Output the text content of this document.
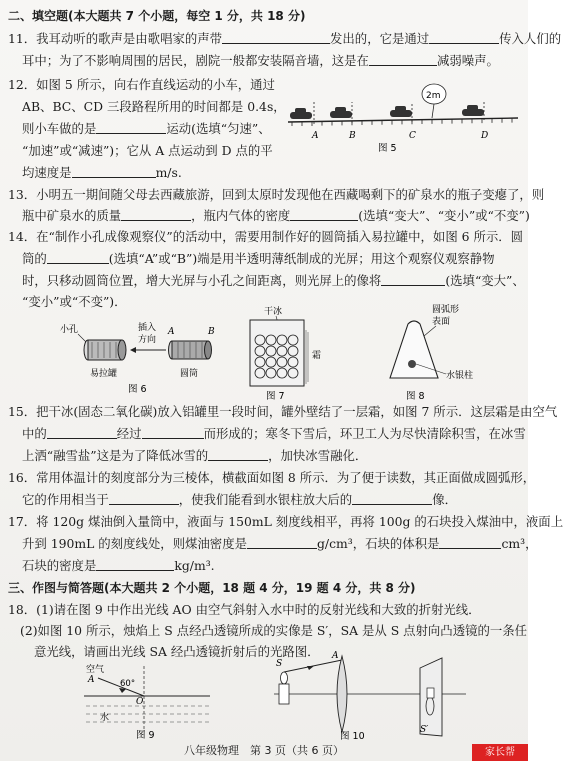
二、填空题(本大题共 7 个小题，每空 1 分，共 18 分)
11．我耳动听的歌声是由歌唱家的声带	发出的，它是通过	传入人们的
耳中；为了不影响周围的居民，剧院一般都安装隔音墙，这是在	减弱噪声。
12．如图 5 所示，向右作直线运动的小车，通过
AB、BC、CD 三段路程所用的时间都是 0.4s，
则小车做的是	运动(选填“匀速”、
“加速”或“减速”)；它从 A 点运动到 D 点的平
均速度是	m/s.
2m
A	B	C	D
图 5
13．小明五一期间随父母去西藏旅游，回到太原时发现他在西藏喝剩下的矿泉水的瓶子变瘪了，则
瓶中矿泉水的质量	，瓶内气体的密度	(选填“变大”、“变小”或“不变”)
14．在“制作小孔成像观察仪”的活动中，需要用制作好的圆筒插入易拉罐中，如图 6 所示．圆
筒的	(选填“A”或“B”)端是用半透明薄纸制成的光屏；用这个观察仪观察静物
时，只移动圆筒位置，增大光屏与小孔之间距离，则光屏上的像将	(选填“变大”、
“变小”或“不变”)．
小孔
易拉罐
插入
方向
A	B
圆筒
图 6
干冰
霜
图 7
圆弧形
表面
水银柱
图 8
15．把干冰(固态二氧化碳)放入铝罐里一段时间，罐外壁结了一层霜，如图 7 所示．这层霜是由空气
中的	经过	而形成的；寒冬下雪后，环卫工人为尽快清除积雪，在冰雪
上洒“融雪盐”这是为了降低冰雪的	，加快冰雪融化．
16．常用体温计的刻度部分为三棱体，横截面如图 8 所示．为了便于读数，其正面做成圆弧形，
它的作用相当于	，使我们能看到水银柱放大后的	像．
17．将 120g 煤油倒入量筒中，液面与 150mL 刻度线相平，再将 100g 的石块投入煤油中，液面上
升到 190mL 的刻度线处，则煤油密度是	g/cm³，石块的体积是	cm³，
石块的密度是	kg/m³.
三、作图与简答题(本大题共 2 个小题，18 题 4 分，19 题 4 分，共 8 分)
18．(1)请在图 9 中作出光线 AO 由空气斜射入水中时的反射光线和大致的折射光线．
(2)如图 10 所示，烛焰上 S 点经凸透镜所成的实像是 S′，SA 是从 S 点射向凸透镜的一条任
意光线，请画出光线 SA 经凸透镜折射后的光路图．
空气
A	60°
O
水
图 9
S
A
S′
图 10
八年级物理　第 3 页（共 6 页）	家长帮
